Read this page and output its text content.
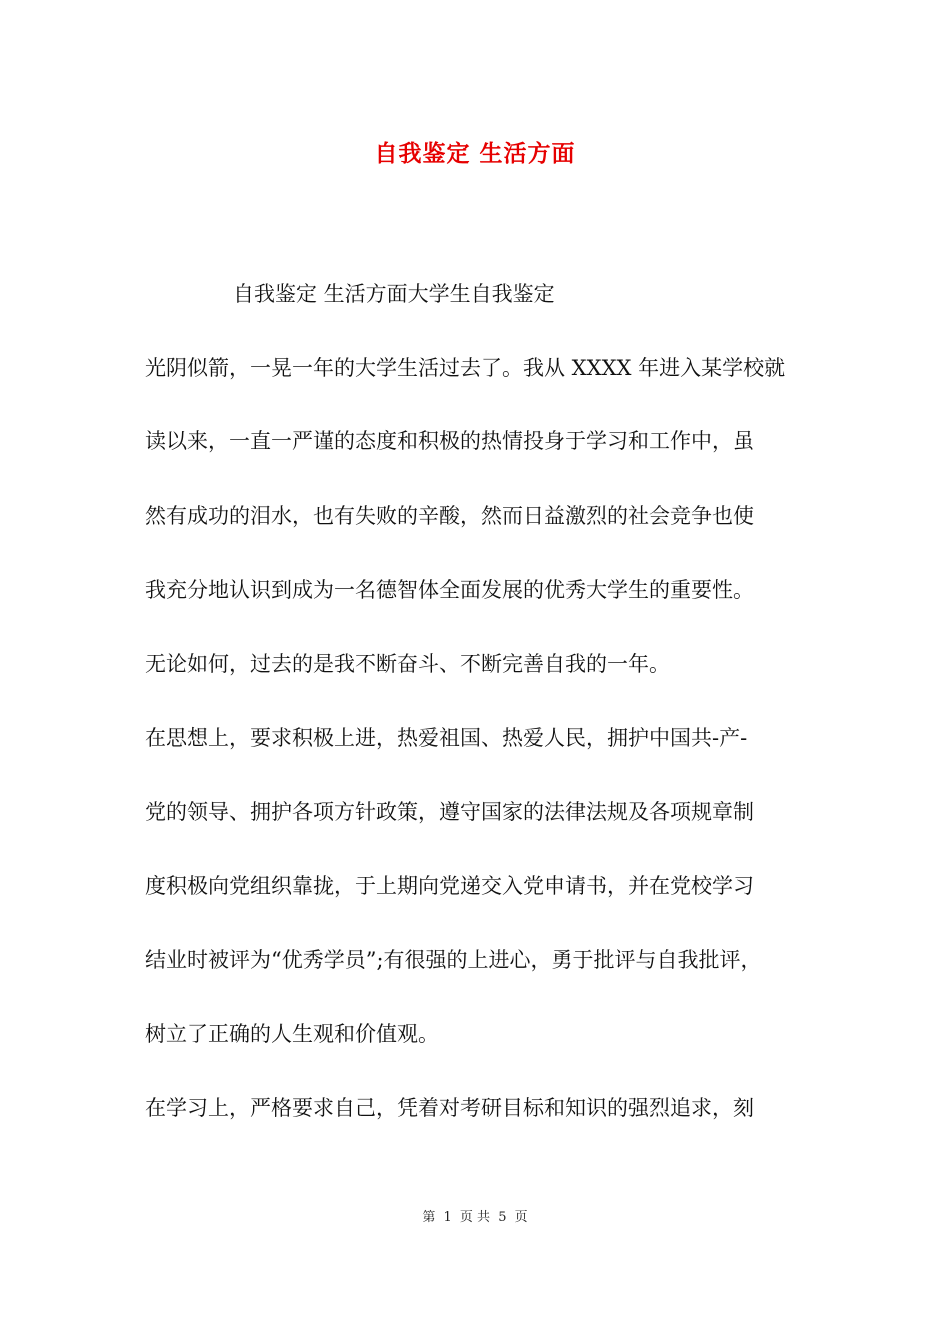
自我鉴定 生活方面
自我鉴定 生活方面大学生自我鉴定
光阴似箭，一晃一年的大学生活过去了。我从 XXXX 年进入某学校就
读以来，一直一严谨的态度和积极的热情投身于学习和工作中，虽
然有成功的泪水，也有失败的辛酸，然而日益激烈的社会竞争也使
我充分地认识到成为一名德智体全面发展的优秀大学生的重要性。
无论如何，过去的是我不断奋斗、不断完善自我的一年。
在思想上，要求积极上进，热爱祖国、热爱人民，拥护中国共-产-
党的领导、拥护各项方针政策，遵守国家的法律法规及各项规章制
度积极向党组织靠拢，于上期向党递交入党申请书，并在党校学习
结业时被评为“优秀学员”;有很强的上进心，勇于批评与自我批评，
树立了正确的人生观和价值观。
在学习上，严格要求自己，凭着对考研目标和知识的强烈追求，刻
第 1 页 共 5 页
